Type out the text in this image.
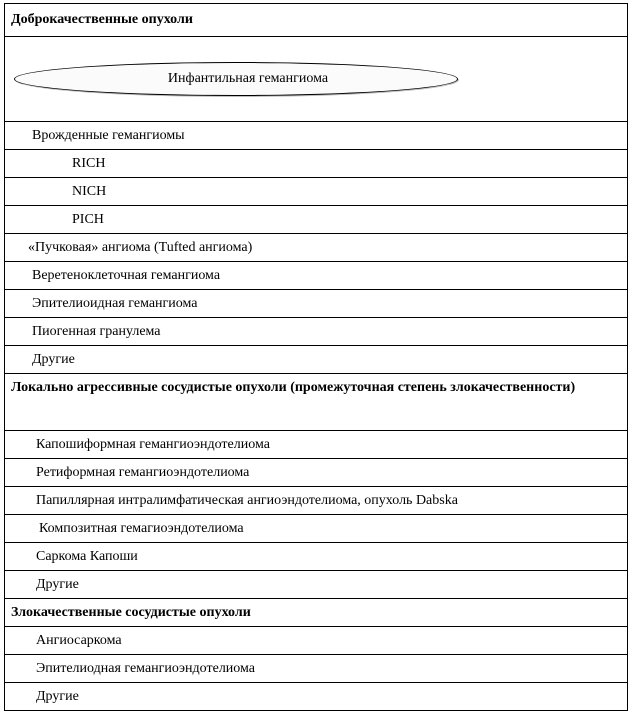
Доброкачественные опухоли
Инфантильная гемангиома
Врожденные гемангиомы
RICH
NICH
PICH
«Пучковая» ангиома (Tufted ангиома)
Веретеноклеточная гемангиома
Эпителиоидная гемангиома
Пиогенная гранулема
Другие
Локально агрессивные сосудистые опухоли (промежуточная степень злокачественности)
Капошиформная гемангиоэндотелиома
Ретиформная гемангиоэндотелиома
Папиллярная интралимфатическая ангиоэндотелиома, опухоль Dabska
Композитная гемагиоэндотелиома
Саркома Капоши
Другие
Злокачественные сосудистые опухоли
Ангиосаркома
Эпителиодная гемангиоэндотелиома
Другие
